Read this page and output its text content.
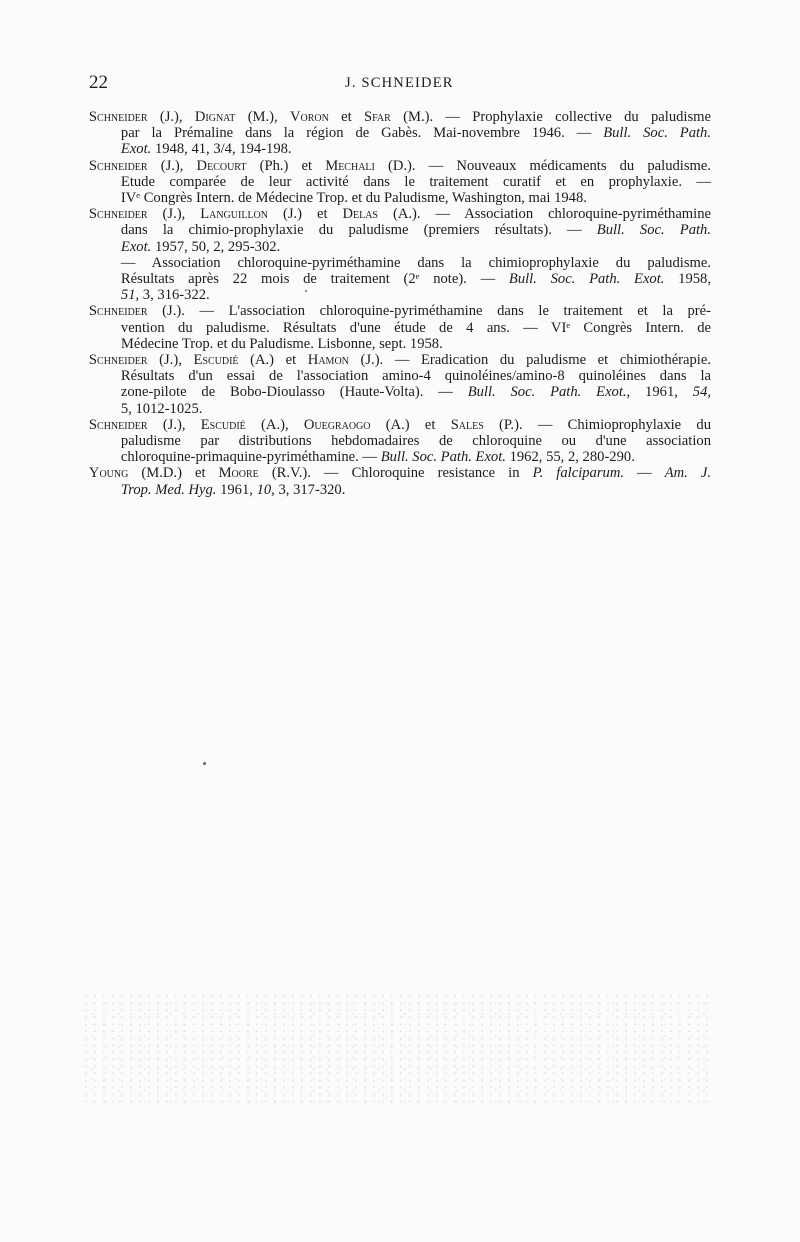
22	J. SCHNEIDER

Schneider (J.), Dignat (M.), Voron et Sfar (M.). — Prophylaxie collective du paludisme
par la Prémaline dans la région de Gabès. Mai-novembre 1946. — Bull. Soc. Path.
Exot. 1948, 41, 3/4, 194-198.

Schneider (J.), Decourt (Ph.) et Mechali (D.). — Nouveaux médicaments du paludisme.
Etude comparée de leur activité dans le traitement curatif et en prophylaxie. —
IVᵉ Congrès Intern. de Médecine Trop. et du Paludisme, Washington, mai 1948.

Schneider (J.), Languillon (J.) et Delas (A.). — Association chloroquine-pyriméthamine
dans la chimio-prophylaxie du paludisme (premiers résultats). — Bull. Soc. Path.
Exot. 1957, 50, 2, 295-302.
— Association chloroquine-pyriméthamine dans la chimioprophylaxie du paludisme.
Résultats après 22 mois de traitement (2ᵉ note). — Bull. Soc. Path. Exot. 1958,
51, 3, 316-322.

Schneider (J.). — L'association chloroquine-pyriméthamine dans le traitement et la pré-
vention du paludisme. Résultats d'une étude de 4 ans. — VIᵉ Congrès Intern. de
Médecine Trop. et du Paludisme. Lisbonne, sept. 1958.

Schneider (J.), Escudié (A.) et Hamon (J.). — Eradication du paludisme et chimiothérapie.
Résultats d'un essai de l'association amino-4 quinoléines/amino-8 quinoléines dans la
zone-pilote de Bobo-Dioulasso (Haute-Volta). — Bull. Soc. Path. Exot., 1961, 54,
5, 1012-1025.

Schneider (J.), Escudié (A.), Ouegraogo (A.) et Sales (P.). — Chimioprophylaxie du
paludisme par distributions hebdomadaires de chloroquine ou d'une association
chloroquine-primaquine-pyriméthamine. — Bull. Soc. Path. Exot. 1962, 55, 2, 280-290.

Young (M.D.) et Moore (R.V.). — Chloroquine resistance in P. falciparum. — Am. J.
Trop. Med. Hyg. 1961, 10, 3, 317-320.
